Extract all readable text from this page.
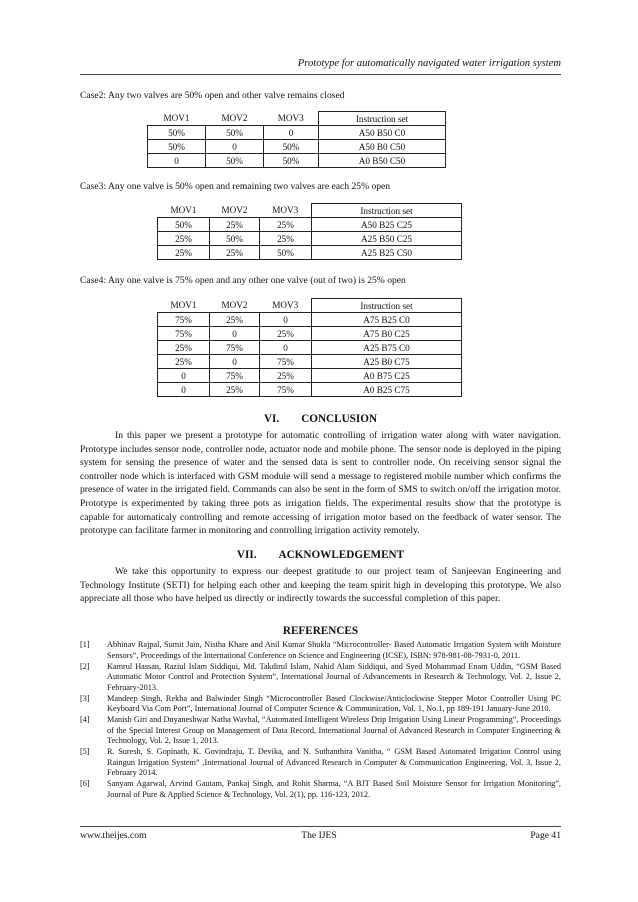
Prototype for automatically navigated water irrigation system
Case2: Any two valves are 50% open and other valve remains closed
MOV1	MOV2	MOV3	Instruction set
50%	50%	0	A50 B50 C0
50%	0	50%	A50 B0 C50
0	50%	50%	A0 B50 C50
Case3: Any one valve is 50% open and remaining two valves are each 25% open
MOV1	MOV2	MOV3	Instruction set
50%	25%	25%	A50 B25 C25
25%	50%	25%	A25 B50 C25
25%	25%	50%	A25 B25 C50
Case4: Any one valve is 75% open and any other one valve (out of two) is 25% open
MOV1	MOV2	MOV3	Instruction set
75%	25%	0	A75 B25 C0
75%	0	25%	A75 B0 C25
25%	75%	0	A25 B75 C0
25%	0	75%	A25 B0 C75
0	75%	25%	A0 B75 C25
0	25%	75%	A0 B25 C75
VI. CONCLUSION

In this paper we present a prototype for automatic controlling of irrigation water along with water navigation. Prototype includes sensor node, controller node, actuator node and mobile phone. The sensor node is deployed in the piping system for sensing the presence of water and the sensed data is sent to controller node. On receiving sensor signal the controller node which is interfaced with GSM module will send a message to registered mobile number which confirms the presence of water in the irrigated field. Commands can also be sent in the form of SMS to switch on/off the irrigation motor. Prototype is experimented by taking three pots as irrigation fields. The experimental results show that the prototype is capable for automaticaly controlling and remote accessing of irrigation motor based on the feedback of water sensor. The prototype can facilitate farmer in monitoring and controlling irrigation activity remotely.

VII. ACKNOWLEDGEMENT

We take this opportunity to express our deepest gratitude to our project team of Sanjeevan Engineering and Technology Institute (SETI) for helping each other and keeping the team spirit high in developing this prototype. We also appreciate all those who have helped us directly or indirectly towards the successful completion of this paper.

REFERENCES
[1]	Abhinav Rajpal, Sumit Jain, Nistha Khare and Anil Kumar Shukla “Microcontroller- Based Automatic Irrigation System with Moisture Sensors”, Proceedings of the International Conference on Science and Engineering (ICSE), ISBN: 978-981-08-7931-0, 2011.
[2]	Kamrul Hassan, Raziul Islam Siddiqui, Md. Takdirul Islam, Nahid Alam Siddiqui, and Syed Mohammad Enam Uddin, “GSM Based Automatic Motor Control and Protection System”, International Journal of Advancements in Research & Technology, Vol. 2, Issue 2, February-2013.
[3]	Mandeep Singh, Rekha and Balwinder Singh “Microcontroller Based Clockwise/Anticlockwise Stepper Motor Controller Using PC Keyboard Via Com Port”, International Journal of Computer Science & Communication, Vol. 1, No.1, pp 189-191 January-June 2010.
[4]	Manish Giri and Dnyaneshwar Natha Wavhal, “Automated Intelligent Wireless Drip Irrigation Using Linear Programming”, Proceedings of the Special Interest Group on Management of Data Record, International Journal of Advanced Research in Computer Engineering & Technology, Vol. 2, Issue 1, 2013.
[5]	R. Suresh, S. Gopinath, K. Govindraju, T. Devika, and N. Suthanthira Vanitha, “ GSM Based Automated Irrigation Control using Raingun Irrigation System” ,International Journal of Advanced Research in Computer & Communication Engineering, Vol. 3, Issue 2, February 2014.
[6]	Sanyam Agarwal, Arvind Gautam, Pankaj Singh, and Rohit Sharma, “A BJT Based Soil Moisture Sensor for Irrigation Monitoring”, Journal of Pure & Applied Science & Technology, Vol. 2(1), pp. 116-123, 2012.
www.theijes.com	The IJES	Page 41
